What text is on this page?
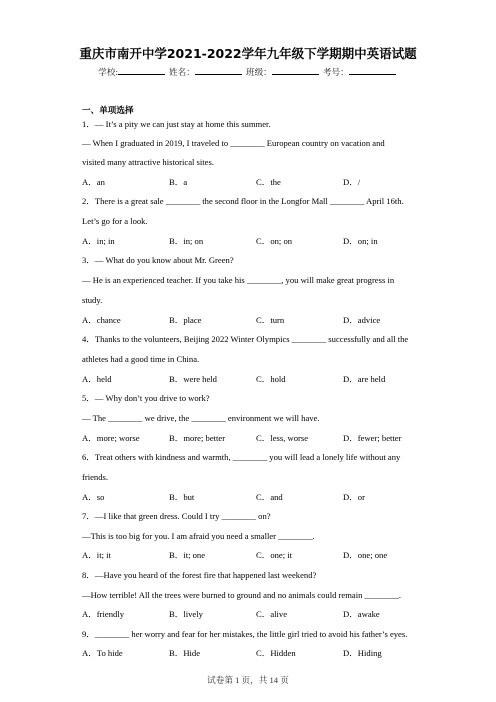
重庆市南开中学2021-2022学年九年级下学期期中英语试题
学校:	姓名：	班级：	考号：
一、单项选择
1．— It’s a pity we can just stay at home this summer.
— When I graduated in 2019, I traveled to ________ European country on vacation and
visited many attractive historical sites.
A．an	B．a	C．the	D．/
2．There is a great sale ________ the second floor in the Longfor Mall ________ April 16th.
Let’s go for a look.
A．in; in	B．in; on	C．on; on	D．on; in
3．— What do you know about Mr. Green?
— He is an experienced teacher. If you take his ________, you will make great progress in
study.
A．chance	B．place	C．turn	D．advice
4．Thanks to the volunteers, Beijing 2022 Winter Olympics ________ successfully and all the
athletes had a good time in China.
A．held	B．were held	C．hold	D．are held
5．— Why don’t you drive to work?
— The ________ we drive, the ________ environment we will have.
A．more; worse	B．more; better	C．less, worse	D．fewer; better
6．Treat others with kindness and warmth, ________ you will lead a lonely life without any
friends.
A．so	B．but	C．and	D．or
7．—I like that green dress. Could I try ________ on?
—This is too big for you. I am afraid you need a smaller ________.
A．it; it	B．it; one	C．one; it	D．one; one
8．—Have you heard of the forest fire that happened last weekend?
—How terrible! All the trees were burned to ground and no animals could remain ________.
A．friendly	B．lively	C．alive	D．awake
9．________ her worry and fear for her mistakes, the little girl tried to avoid his father’s eyes.
A．To hide	B．Hide	C．Hidden	D．Hiding
试卷第 1 页，共 14 页
